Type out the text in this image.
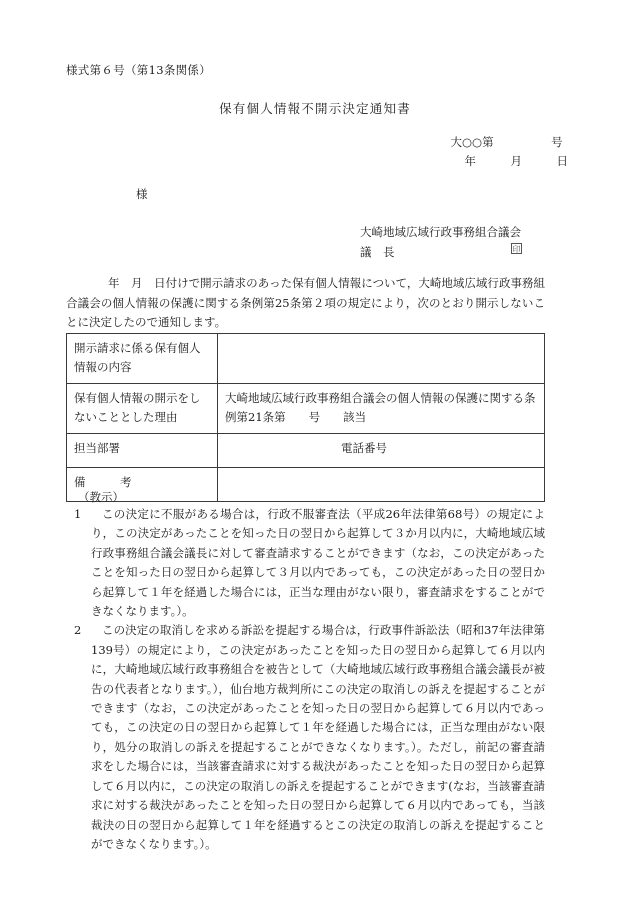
様式第６号（第13条関係）
保有個人情報不開示決定通知書
大○○第　　　　　号
年　　　月　　　日
様
大崎地域広域行政事務組合議会
議　長	印
年　月　日付けで開示請求のあった保有個人情報について，大崎地域広域行政事務組合議会の個人情報の保護に関する条例第25条第２項の規定により，次のとおり開示しないことに決定したので通知します。
開示請求に係る保有個人情報の内容	
保有個人情報の開示をしないこととした理由	大崎地域広域行政事務組合議会の個人情報の保護に関する条例第21条第　　号　　該当
担当部署	電話番号

備　　　考	
（教示）
1	この決定に不服がある場合は，行政不服審査法（平成26年法律第68号）の規定により，この決定があったことを知った日の翌日から起算して３か月以内に，大崎地域広域行政事務組合議会議長に対して審査請求することができます（なお，この決定があったことを知った日の翌日から起算して３月以内であっても，この決定があった日の翌日から起算して１年を経過した場合には，正当な理由がない限り，審査請求をすることができなくなります。）。
2	この決定の取消しを求める訴訟を提起する場合は，行政事件訴訟法（昭和37年法律第139号）の規定により，この決定があったことを知った日の翌日から起算して６月以内に，大崎地域広域行政事務組合を被告として（大崎地域広域行政事務組合議会議長が被告の代表者となります。），仙台地方裁判所にこの決定の取消しの訴えを提起することができます（なお，この決定があったことを知った日の翌日から起算して６月以内であっても，この決定の日の翌日から起算して１年を経過した場合には，正当な理由がない限り，処分の取消しの訴えを提起することができなくなります。）。ただし，前記の審査請求をした場合には，当該審査請求に対する裁決があったことを知った日の翌日から起算して６月以内に，この決定の取消しの訴えを提起することができます(なお，当該審査請求に対する裁決があったことを知った日の翌日から起算して６月以内であっても，当該裁決の日の翌日から起算して１年を経過するとこの決定の取消しの訴えを提起することができなくなります。）。
